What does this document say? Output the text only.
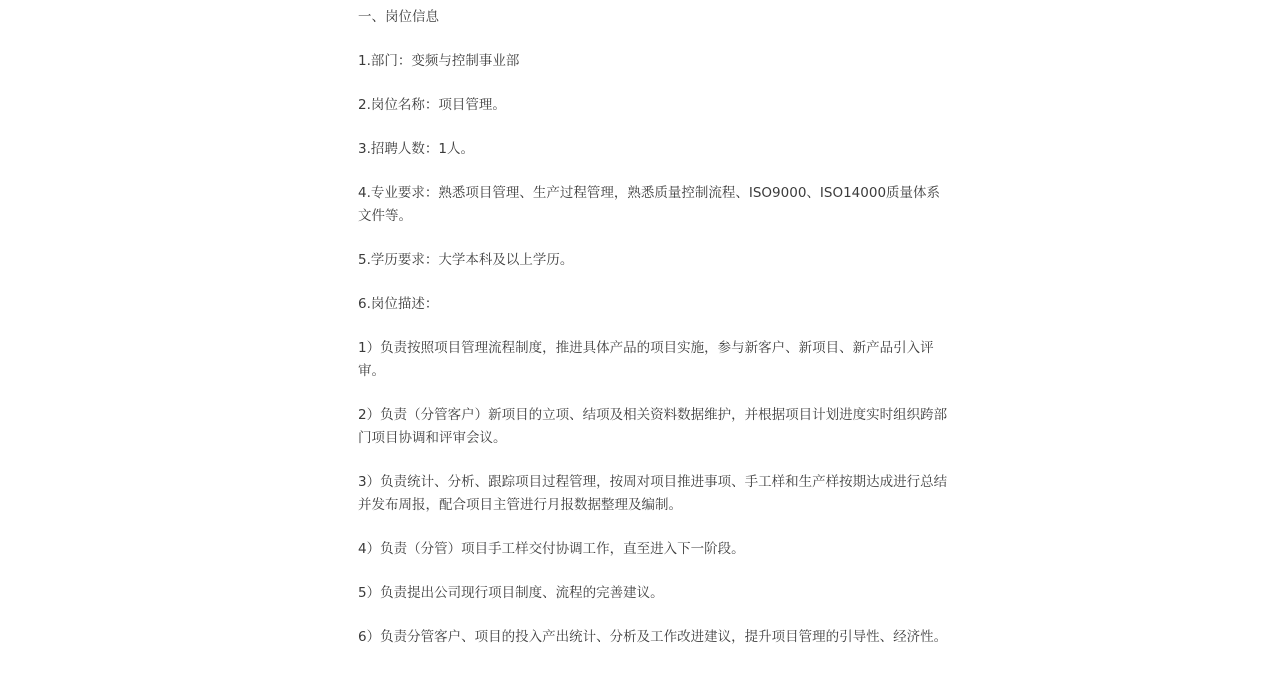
一、岗位信息

1.部门：变频与控制事业部

2.岗位名称：项目管理。

3.招聘人数：1人。

4.专业要求：熟悉项目管理、生产过程管理，熟悉质量控制流程、ISO9000、ISO14000质量体系文件等。

5.学历要求：大学本科及以上学历。

6.岗位描述：

1）负责按照项目管理流程制度，推进具体产品的项目实施，参与新客户、新项目、新产品引入评审。

2）负责（分管客户）新项目的立项、结项及相关资料数据维护，并根据项目计划进度实时组织跨部门项目协调和评审会议。

3）负责统计、分析、跟踪项目过程管理，按周对项目推进事项、手工样和生产样按期达成进行总结并发布周报，配合项目主管进行月报数据整理及编制。

4）负责（分管）项目手工样交付协调工作，直至进入下一阶段。

5）负责提出公司现行项目制度、流程的完善建议。

6）负责分管客户、项目的投入产出统计、分析及工作改进建议，提升项目管理的引导性、经济性。
